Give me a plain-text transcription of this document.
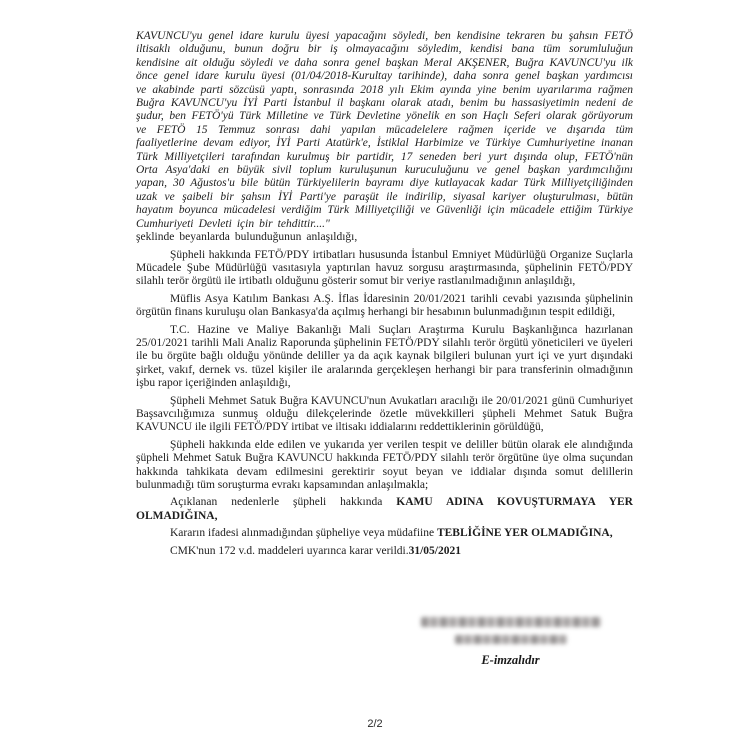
KAVUNCU'yu genel idare kurulu üyesi yapacağını söyledi, ben kendisine tekraren bu şahsın FETÖ iltisaklı olduğunu, bunun doğru bir iş olmayacağını söyledim, kendisi bana tüm sorumluluğun kendisine ait olduğu söyledi ve daha sonra genel başkan Meral AKŞENER, Buğra KAVUNCU'yu ilk önce genel idare kurulu üyesi (01/04/2018-Kurultay tarihinde), daha sonra genel başkan yardımcısı ve akabinde parti sözcüsü yaptı, sonrasında 2018 yılı Ekim ayında yine benim uyarılarıma rağmen Buğra KAVUNCU'yu İYİ Parti İstanbul il başkanı olarak atadı, benim bu hassasiyetimin nedeni de şudur, ben FETÖ'yü Türk Milletine ve Türk Devletine yönelik en son Haçlı Seferi olarak görüyorum ve FETÖ 15 Temmuz sonrası dahi yapılan mücadelelere rağmen içeride ve dışarıda tüm faaliyetlerine devam ediyor, İYİ Parti Atatürk'e, İstiklal Harbimize ve Türkiye Cumhuriyetine inanan Türk Milliyetçileri tarafından kurulmuş bir partidir, 17 seneden beri yurt dışında olup, FETÖ'nün Orta Asya'daki en büyük sivil toplum kuruluşunun kuruculuğunu ve genel başkan yardımcılığını yapan, 30 Ağustos'u bile bütün Türkiyelilerin bayramı diye kutlayacak kadar Türk Milliyetçiliğinden uzak ve şaibeli bir şahsın İYİ Parti'ye paraşüt ile indirilip, siyasal kariyer oluşturulması, bütün hayatım boyunca mücadelesi verdiğim Türk Milliyetçiliği ve Güvenliği için mücadele ettiğim Türkiye Cumhuriyeti Devleti için bir tehdittir...."
şeklinde beyanlarda bulunduğunun anlaşıldığı,

Şüpheli hakkında FETÖ/PDY irtibatları hususunda İstanbul Emniyet Müdürlüğü Organize Suçlarla Mücadele Şube Müdürlüğü vasıtasıyla yaptırılan havuz sorgusu araştırmasında, şüphelinin FETÖ/PDY silahlı terör örgütü ile irtibatlı olduğunu gösterir somut bir veriye rastlanılmadığının anlaşıldığı,

Müflis Asya Katılım Bankası A.Ş. İflas İdaresinin 20/01/2021 tarihli cevabi yazısında şüphelinin örgütün finans kuruluşu olan Bankasya'da açılmış herhangi bir hesabının bulunmadığının tespit edildiği,

T.C. Hazine ve Maliye Bakanlığı Mali Suçları Araştırma Kurulu Başkanlığınca hazırlanan 25/01/2021 tarihli Mali Analiz Raporunda şüphelinin FETÖ/PDY silahlı terör örgütü yöneticileri ve üyeleri ile bu örgüte bağlı olduğu yönünde deliller ya da açık kaynak bilgileri bulunan yurt içi ve yurt dışındaki şirket, vakıf, dernek vs. tüzel kişiler ile aralarında gerçekleşen herhangi bir para transferinin olmadığının işbu rapor içeriğinden anlaşıldığı,

Şüpheli Mehmet Satuk Buğra KAVUNCU'nun Avukatları aracılığı ile 20/01/2021 günü Cumhuriyet Başsavcılığımıza sunmuş olduğu dilekçelerinde özetle müvekkilleri şüpheli Mehmet Satuk Buğra KAVUNCU ile ilgili FETÖ/PDY irtibat ve iltisakı iddialarını reddettiklerinin görüldüğü,

Şüpheli hakkında elde edilen ve yukarıda yer verilen tespit ve deliller bütün olarak ele alındığında şüpheli Mehmet Satuk Buğra KAVUNCU hakkında FETÖ/PDY silahlı terör örgütüne üye olma suçundan hakkında tahkikata devam edilmesini gerektirir soyut beyan ve iddialar dışında somut delillerin bulunmadığı tüm soruşturma evrakı kapsamından anlaşılmakla;

Açıklanan nedenlerle şüpheli hakkında KAMU ADINA KOVUŞTURMAYA YER OLMADIĞINA,

Kararın ifadesi alınmadığından şüpheliye veya müdafiine TEBLİĞİNE YER OLMADIĞINA,

CMK'nun 172 v.d. maddeleri uyarınca karar verildi.31/05/2021

E-imzalıdır
2/2
